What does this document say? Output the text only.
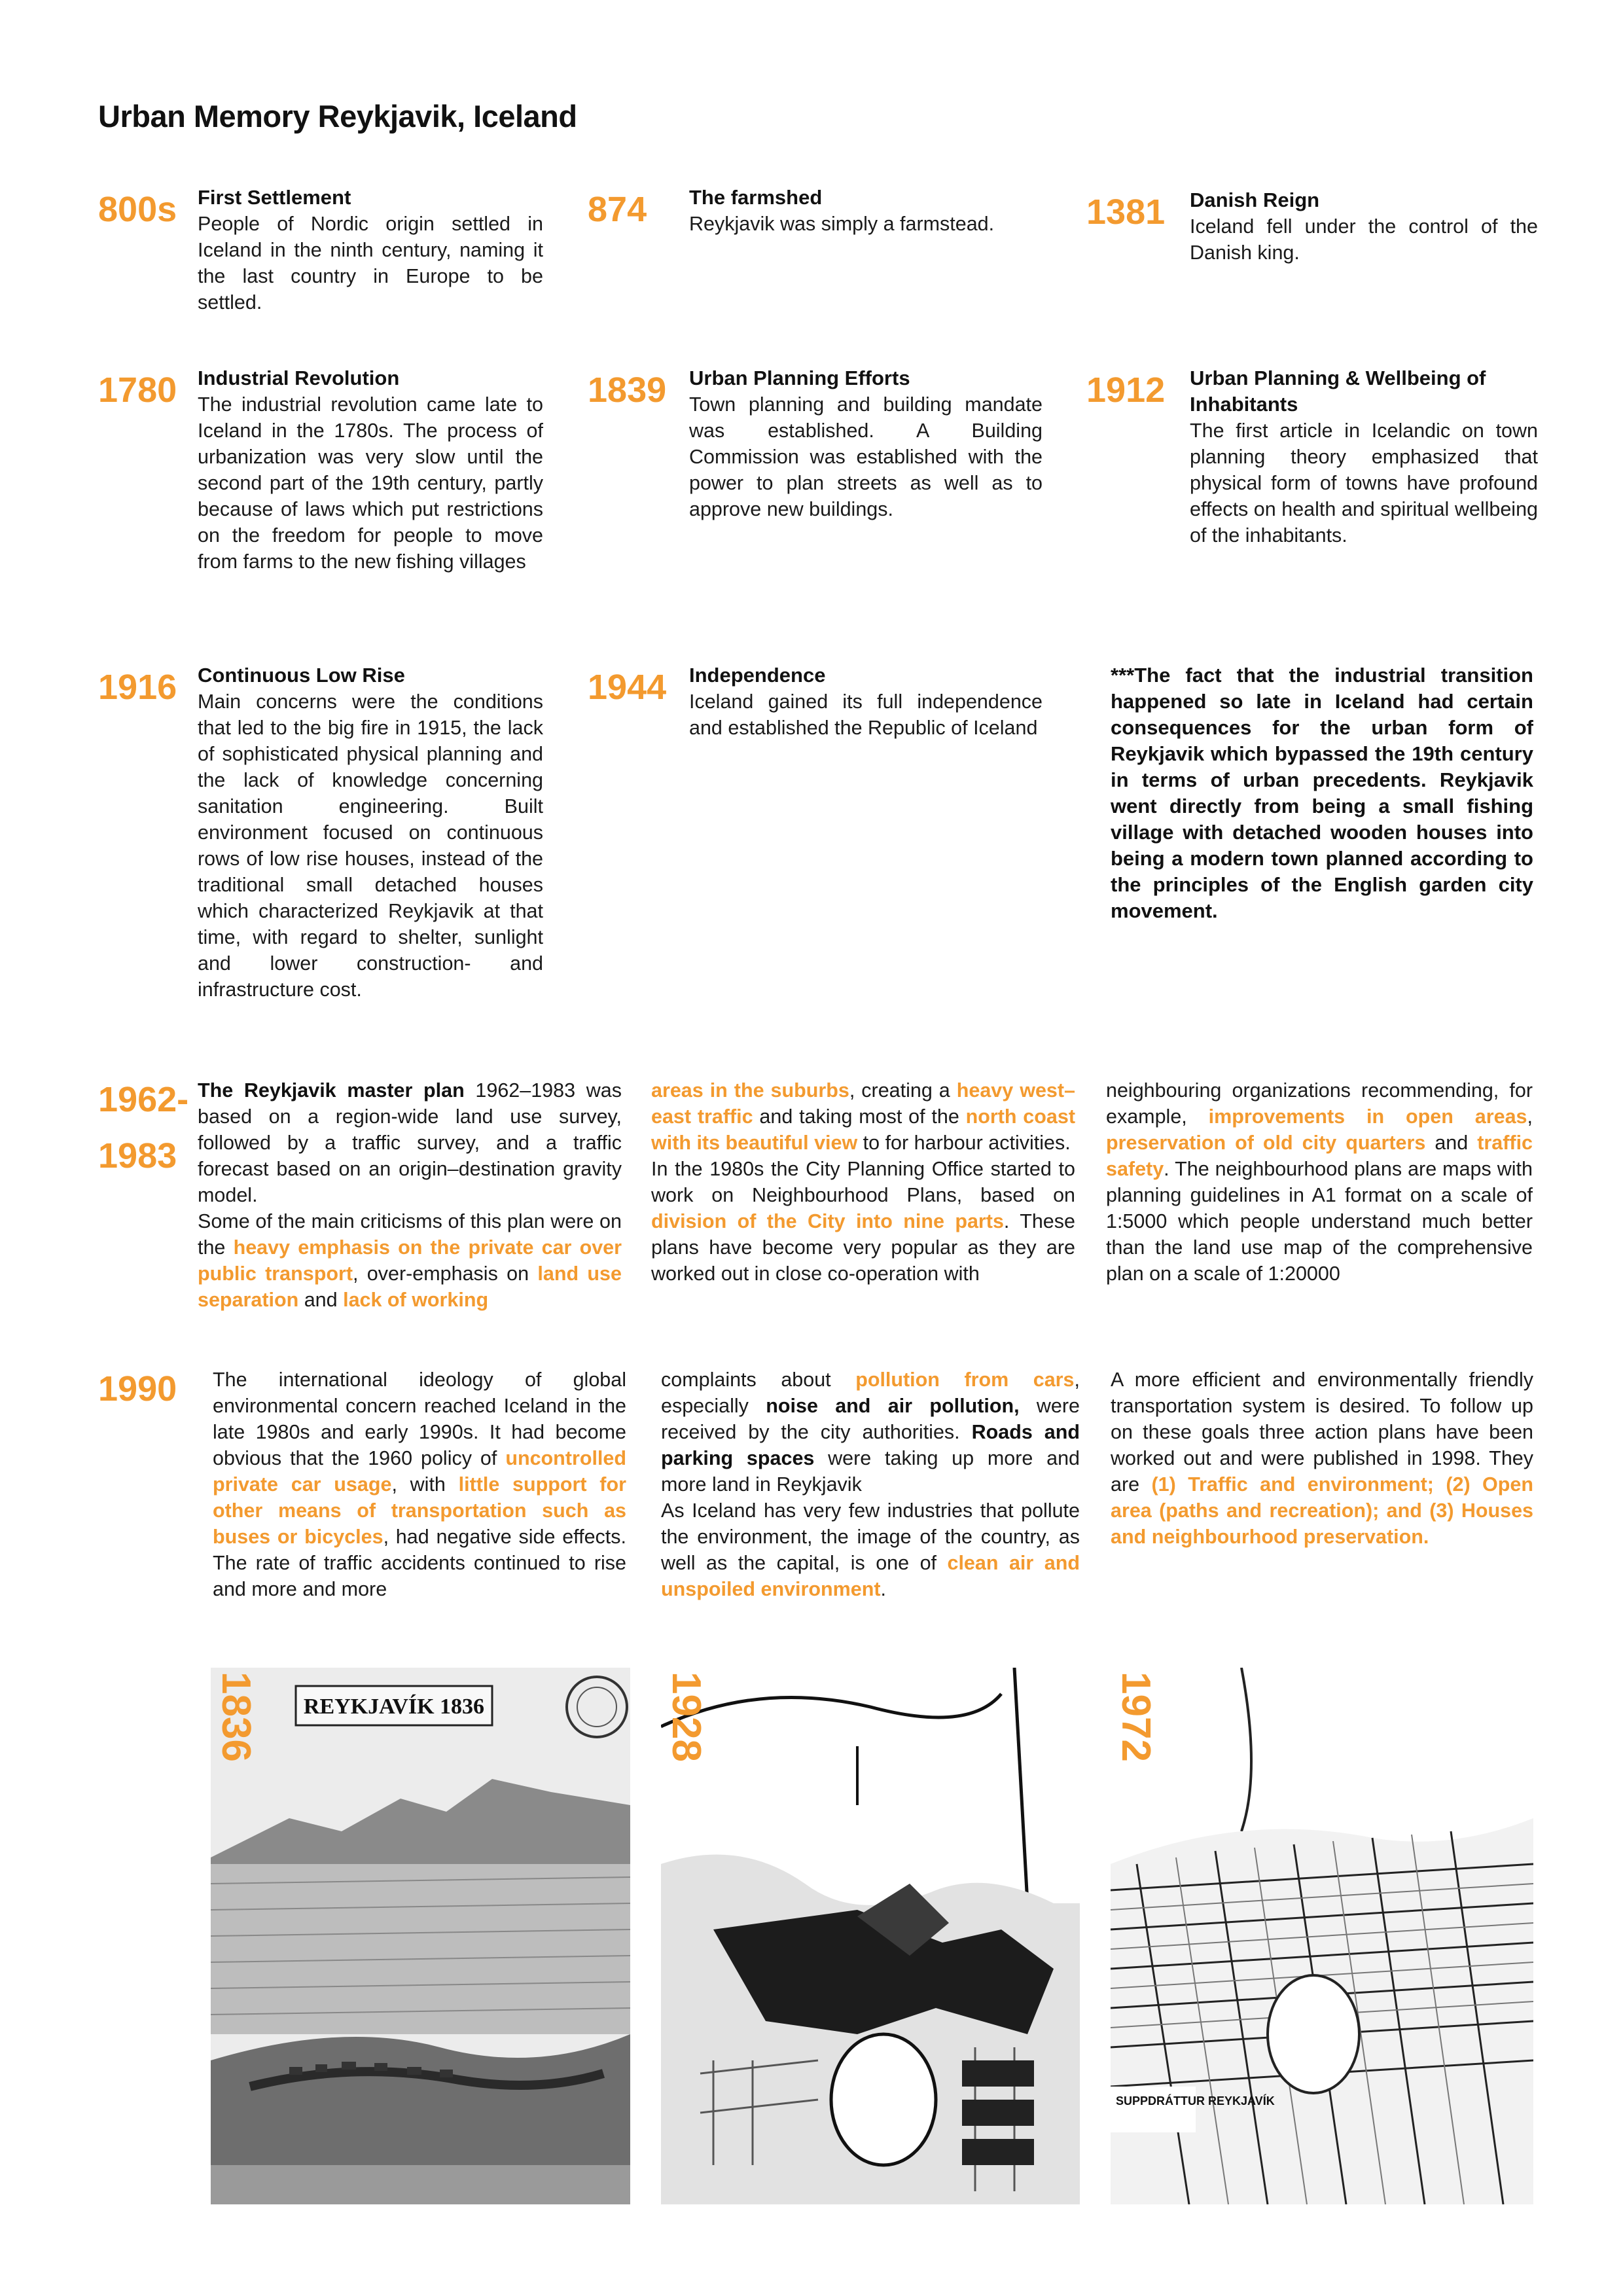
Urban Memory Reykjavik, Iceland
800s First Settlement
People of Nordic origin settled in Iceland in the ninth century, naming it the last country in Europe to be settled.
874 The farmshed
Reykjavik was simply a farmstead.	1381 Danish Reign
Iceland fell under the control of the Danish king.
1780 Industrial Revolution
The industrial revolution came late to Iceland in the 1780s. The process of urbanization was very slow until the second part of the 19th century, partly because of laws which put restrictions on the freedom for people to move from farms to the new fishing villages
1839 Urban Planning Efforts
Town planning and building mandate was established. A Building Commission was established with the power to plan streets as well as to approve new buildings.
1912 Urban Planning & Wellbeing of Inhabitants
The first article in Icelandic on town planning theory emphasized that physical form of towns have profound effects on health and spiritual wellbeing of the inhabitants.
1916 Continuous Low Rise
Main concerns were the conditions that led to the big fire in 1915, the lack of sophisticated physical planning and the lack of knowledge concerning sanitation engineering. Built environment focused on continuous rows of low rise houses, instead of the traditional small detached houses which characterized Reykjavik at that time, with regard to shelter, sunlight and lower construction- and infrastructure cost.
1944 Independence
Iceland gained its full independence and established the Republic of Iceland
***The fact that the industrial transition happened so late in Iceland had certain consequences for the urban form of Reykjavik which bypassed the 19th century in terms of urban precedents. Reykjavik went directly from being a small fishing village with detached wooden houses into being a modern town planned according to the principles of the English garden city movement.
1962-
1983
The Reykjavik master plan 1962–1983 was based on a region-wide land use survey, followed by a traffic survey, and a traffic forecast based on an origin–destination gravity model.
Some of the main criticisms of this plan were on the heavy emphasis on the private car over public transport, over-emphasis on land use separation and lack of working
areas in the suburbs, creating a heavy west–east traffic and taking most of the north coast with its beautiful view to for harbour activities.
In the 1980s the City Planning Office started to work on Neighbourhood Plans, based on division of the City into nine parts. These plans have become very popular as they are worked out in close co-operation with
neighbouring organizations recommending, for example, improvements in open areas, preservation of old city quarters and traffic safety. The neighbourhood plans are maps with planning guidelines in A1 format on a scale of 1:5000 which people understand much better than the land use map of the comprehensive plan on a scale of 1:20000
1990 The international ideology of global environmental concern reached Iceland in the late 1980s and early 1990s. It had become obvious that the 1960 policy of uncontrolled private car usage, with little support for other means of transportation such as buses or bicycles, had negative side effects. The rate of traffic accidents continued to rise and more and more
complaints about pollution from cars, especially noise and air pollution, were received by the city authorities. Roads and parking spaces were taking up more and more land in Reykjavik
As Iceland has very few industries that pollute the environment, the image of the country, as well as the capital, is one of clean air and unspoiled environment.
A more efficient and environmentally friendly transportation system is desired. To follow up on these goals three action plans have been worked out and were published in 1998. They are (1) Traffic and environment; (2) Open area (paths and recreation); and (3) Houses and neighbourhood preservation.
REYKJAVÍK 1836
1836	1928
SUPPDRÁTTUR REYKJAVÍK
1972
